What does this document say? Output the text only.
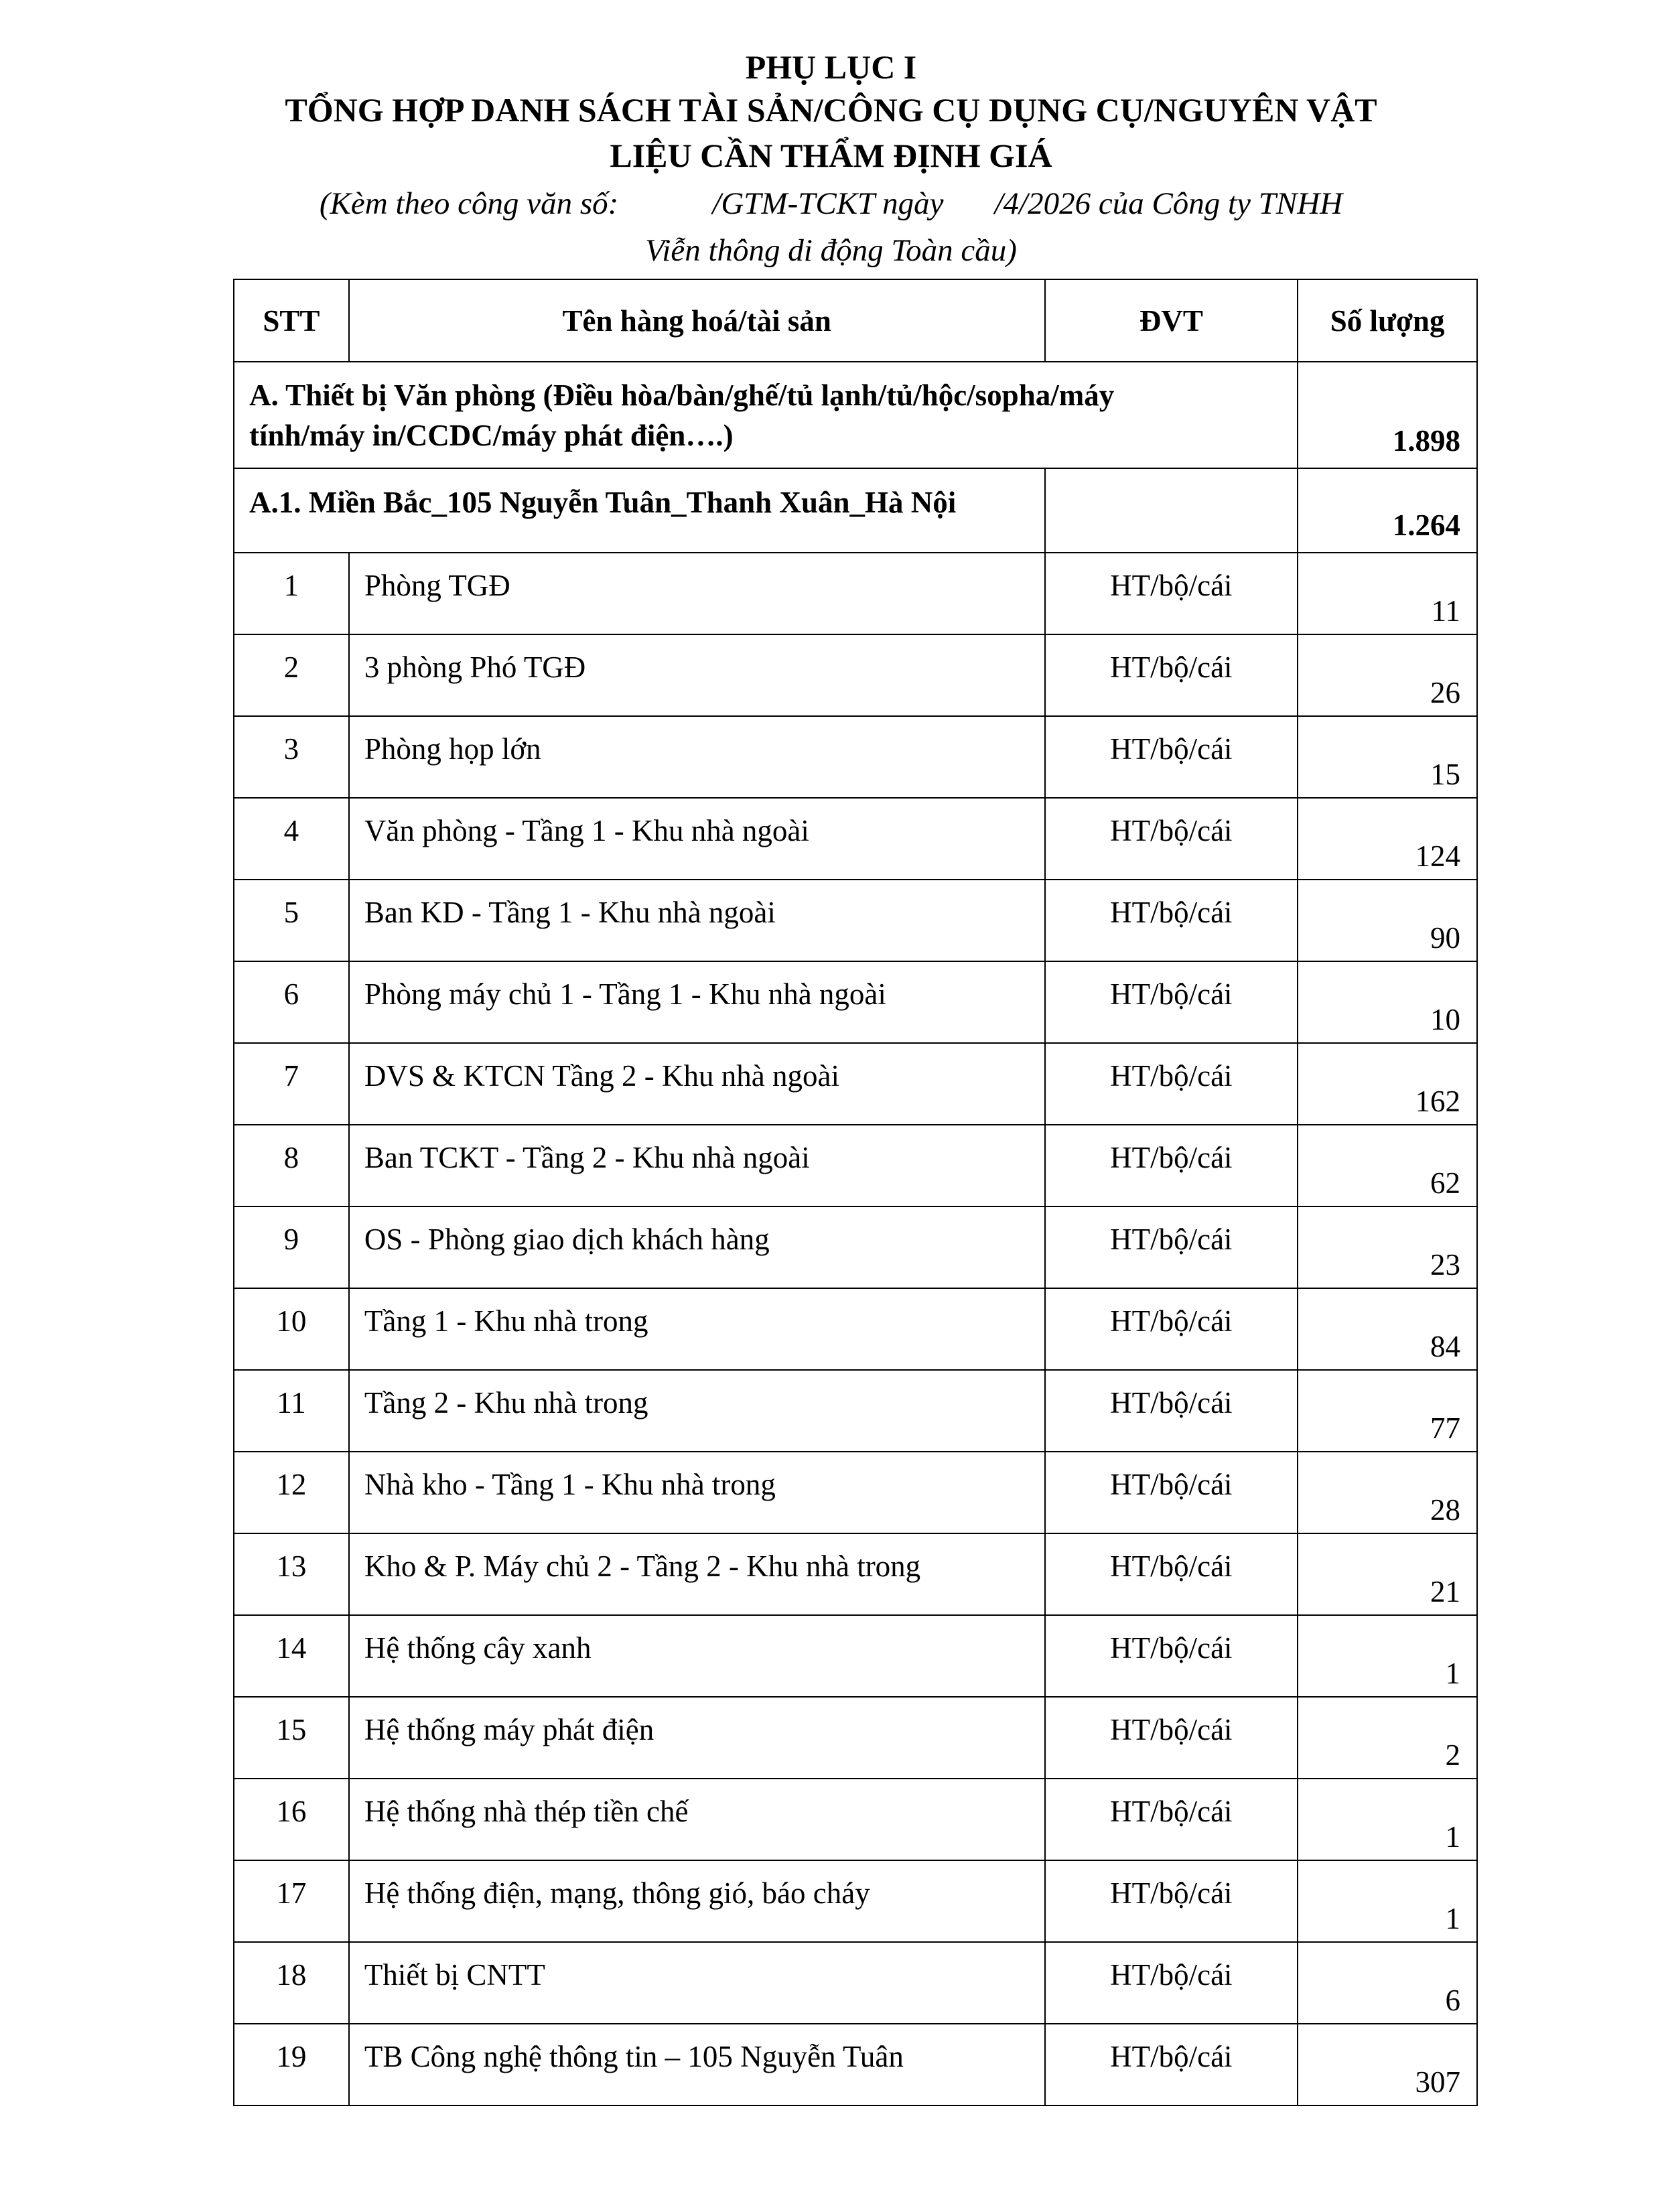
PHỤ LỤC I
TỔNG HỢP DANH SÁCH TÀI SẢN/CÔNG CỤ DỤNG CỤ/NGUYÊN VẬT
LIỆU CẦN THẨM ĐỊNH GIÁ
(Kèm theo công văn số:	/GTM-TCKT ngày /4/2026 của Công ty TNHH
Viễn thông di động Toàn cầu)
STT	Tên hàng hoá/tài sản	ĐVT	Số lượng

A. Thiết bị Văn phòng (Điều hòa/bàn/ghế/tủ lạnh/tủ/hộc/sopha/máy
tính/máy in/CCDC/máy phát điện….)			1.898
A.1. Miền Bắc_105 Nguyễn Tuân_Thanh Xuân_Hà Nội			1.264
1	Phòng TGĐ	HT/bộ/cái	11
2	3 phòng Phó TGĐ	HT/bộ/cái	26
3	Phòng họp lớn	HT/bộ/cái	15
4	Văn phòng - Tầng 1 - Khu nhà ngoài	HT/bộ/cái	124
5	Ban KD - Tầng 1 - Khu nhà ngoài	HT/bộ/cái	90
6	Phòng máy chủ 1 - Tầng 1 - Khu nhà ngoài	HT/bộ/cái	10
7	DVS & KTCN Tầng 2 - Khu nhà ngoài	HT/bộ/cái	162
8	Ban TCKT - Tầng 2 - Khu nhà ngoài	HT/bộ/cái	62
9	OS - Phòng giao dịch khách hàng	HT/bộ/cái	23
10	Tầng 1 - Khu nhà trong	HT/bộ/cái	84
11	Tầng 2 - Khu nhà trong	HT/bộ/cái	77
12	Nhà kho - Tầng 1 - Khu nhà trong	HT/bộ/cái	28
13	Kho & P. Máy chủ 2 - Tầng 2 - Khu nhà trong	HT/bộ/cái	21
14	Hệ thống cây xanh	HT/bộ/cái	1
15	Hệ thống máy phát điện	HT/bộ/cái	2
16	Hệ thống nhà thép tiền chế	HT/bộ/cái	1
17	Hệ thống điện, mạng, thông gió, báo cháy	HT/bộ/cái	1
18	Thiết bị CNTT	HT/bộ/cái	6
19	TB Công nghệ thông tin – 105 Nguyễn Tuân	HT/bộ/cái	307
